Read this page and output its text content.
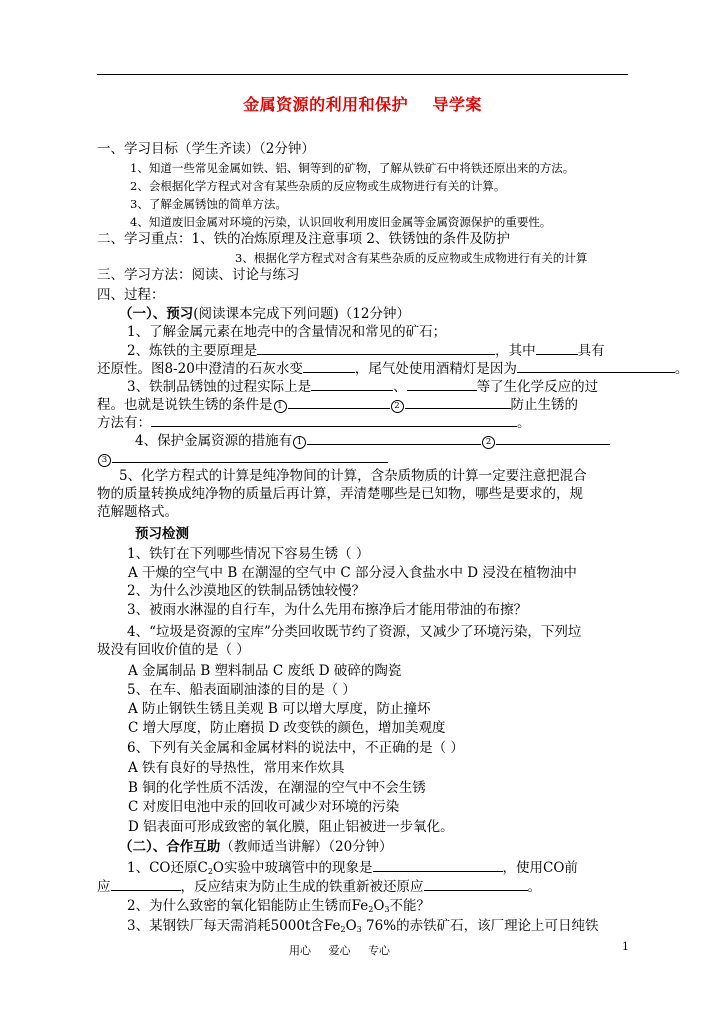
金属资源的利用和保护    导学案
一、学习目标（学生齐读）（2分钟）
1、知道一些常见金属如铁、铝、铜等到的矿物，了解从铁矿石中将铁还原出来的方法。
2、会根据化学方程式对含有某些杂质的反应物或生成物进行有关的计算。
3、了解金属锈蚀的简单方法。
4、知道废旧金属对环境的污染，认识回收利用废旧金属等金属资源保护的重要性。
二、学习重点：1、铁的冶炼原理及注意事项 2、铁锈蚀的条件及防护
3、根据化学方程式对含有某些杂质的反应物或生成物进行有关的计算
三、学习方法：阅读、讨论与练习
四、过程：
（一）、预习(阅读课本完成下列问题)（12分钟）
1、了解金属元素在地壳中的含量情况和常见的矿石；
2、炼铁的主要原理是	，其中	具有
还原性。图8-20中澄清的石灰水变	，尾气处使用酒精灯是因为	。
3、铁制品锈蚀的过程实际上是	、	等了生化学反应的过
程。也就是说铁生锈的条件是 1	2	防止生锈的
方法有：	。
4、保护金属资源的措施有 1	2
3
5、化学方程式的计算是纯净物间的计算，含杂质物质的计算一定要注意把混合
物的质量转换成纯净物的质量后再计算，弄清楚哪些是已知物，哪些是要求的，规
范解题格式。
预习检测
1、铁钉在下列哪些情况下容易生锈（ ）
A 干燥的空气中 B 在潮湿的空气中 C 部分浸入食盐水中 D 浸没在植物油中
2、为什么沙漠地区的铁制品锈蚀较慢？
3、被雨水淋湿的自行车，为什么先用布擦净后才能用带油的布擦？
4、“垃圾是资源的宝库”分类回收既节约了资源，又减少了环境污染，下列垃
圾没有回收价值的是（ ）
A 金属制品 B 塑料制品 C 废纸 D 破碎的陶瓷
5、在车、船表面刷油漆的目的是（ ）
A 防止钢铁生锈且美观 B 可以增大厚度，防止撞坏
C 增大厚度，防止磨损 D 改变铁的颜色，增加美观度
6、下列有关金属和金属材料的说法中，不正确的是（ ）
A 铁有良好的导热性，常用来作炊具
B 铜的化学性质不活泼，在潮湿的空气中不会生锈
C 对废旧电池中汞的回收可减少对环境的污染
D 铝表面可形成致密的氧化膜，阻止铝被进一步氧化。
（二）、合作互助（教师适当讲解）（20分钟）
1、CO还原$C_2O$实验中玻璃管中的现象是	，使用CO前
应	，反应结束为防止生成的铁重新被还原应	。
2、为什么致密的氧化铝能防止生锈而$Fe_2O_3$不能？
3、某钢铁厂每天需消耗5000t含$Fe_2O_3$ 76%的赤铁矿石，该厂理论上可日纯铁
用心     爱心     专心	1
